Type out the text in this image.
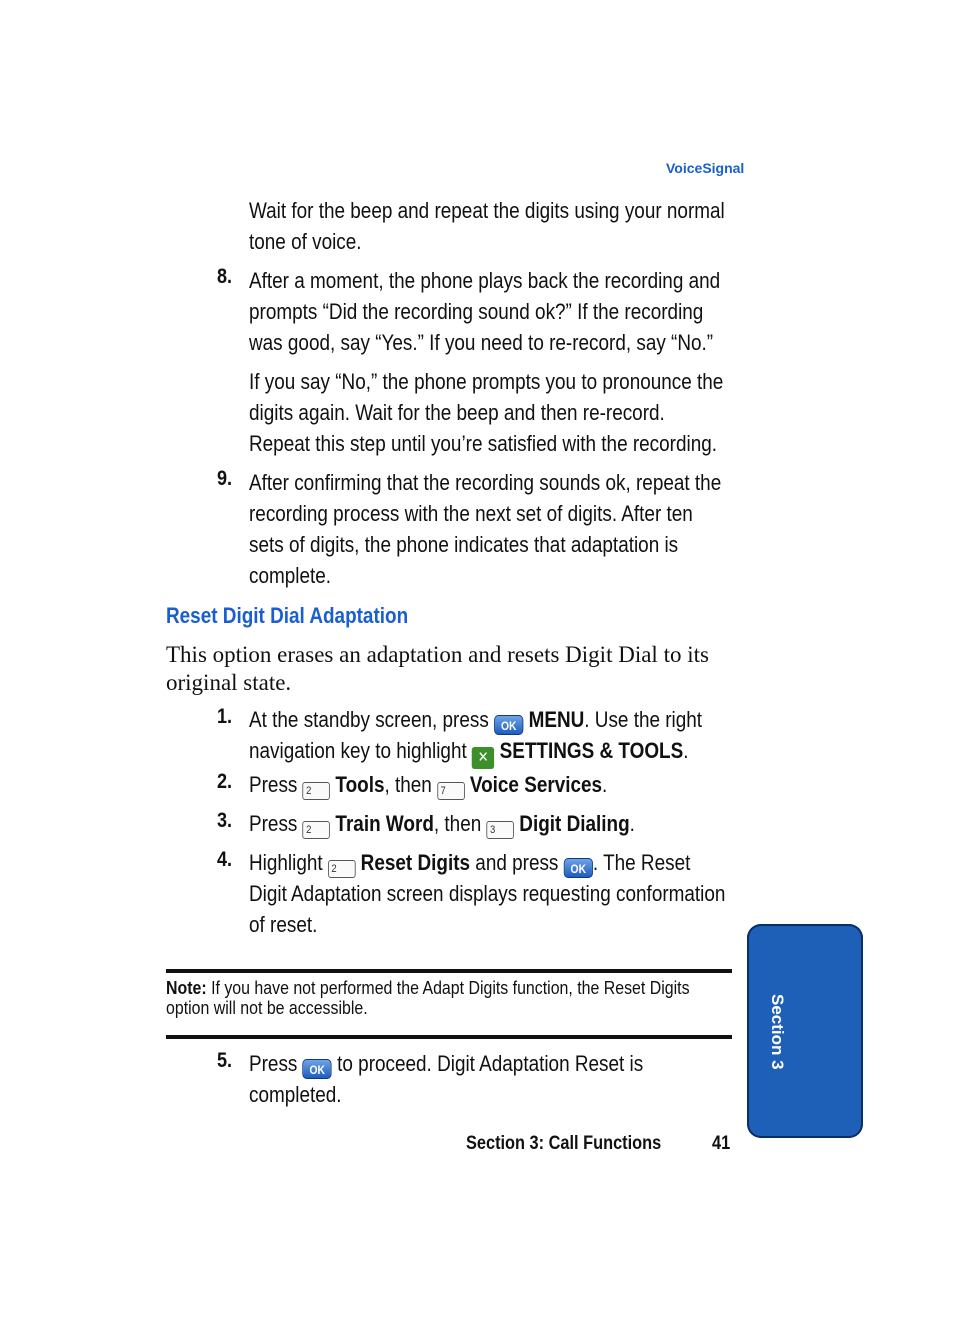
VoiceSignal
Wait for the beep and repeat the digits using your normal
tone of voice.
8. After a moment, the phone plays back the recording and
prompts “Did the recording sound ok?” If the recording
was good, say “Yes.” If you need to re-record, say “No.”
If you say “No,” the phone prompts you to pronounce the
digits again. Wait for the beep and then re-record.
Repeat this step until you’re satisfied with the recording.
9. After confirming that the recording sounds ok, repeat the
recording process with the next set of digits. After ten
sets of digits, the phone indicates that adaptation is
complete.
Reset Digit Dial Adaptation
This option erases an adaptation and resets Digit Dial to its original state.
1. At the standby screen, press OK MENU. Use the right
navigation key to highlight ✕ SETTINGS & TOOLS.
2. Press 2 Tools, then 7 Voice Services.
3. Press 2 Train Word, then 3 Digit Dialing.
4. Highlight 2 Reset Digits and press OK . The Reset
Digit Adaptation screen displays requesting conformation
of reset.
Note: If you have not performed the Adapt Digits function, the Reset Digits
option will not be accessible.
5. Press OK to proceed. Digit Adaptation Reset is
completed.
Section 3: Call Functions	41
Section 3
